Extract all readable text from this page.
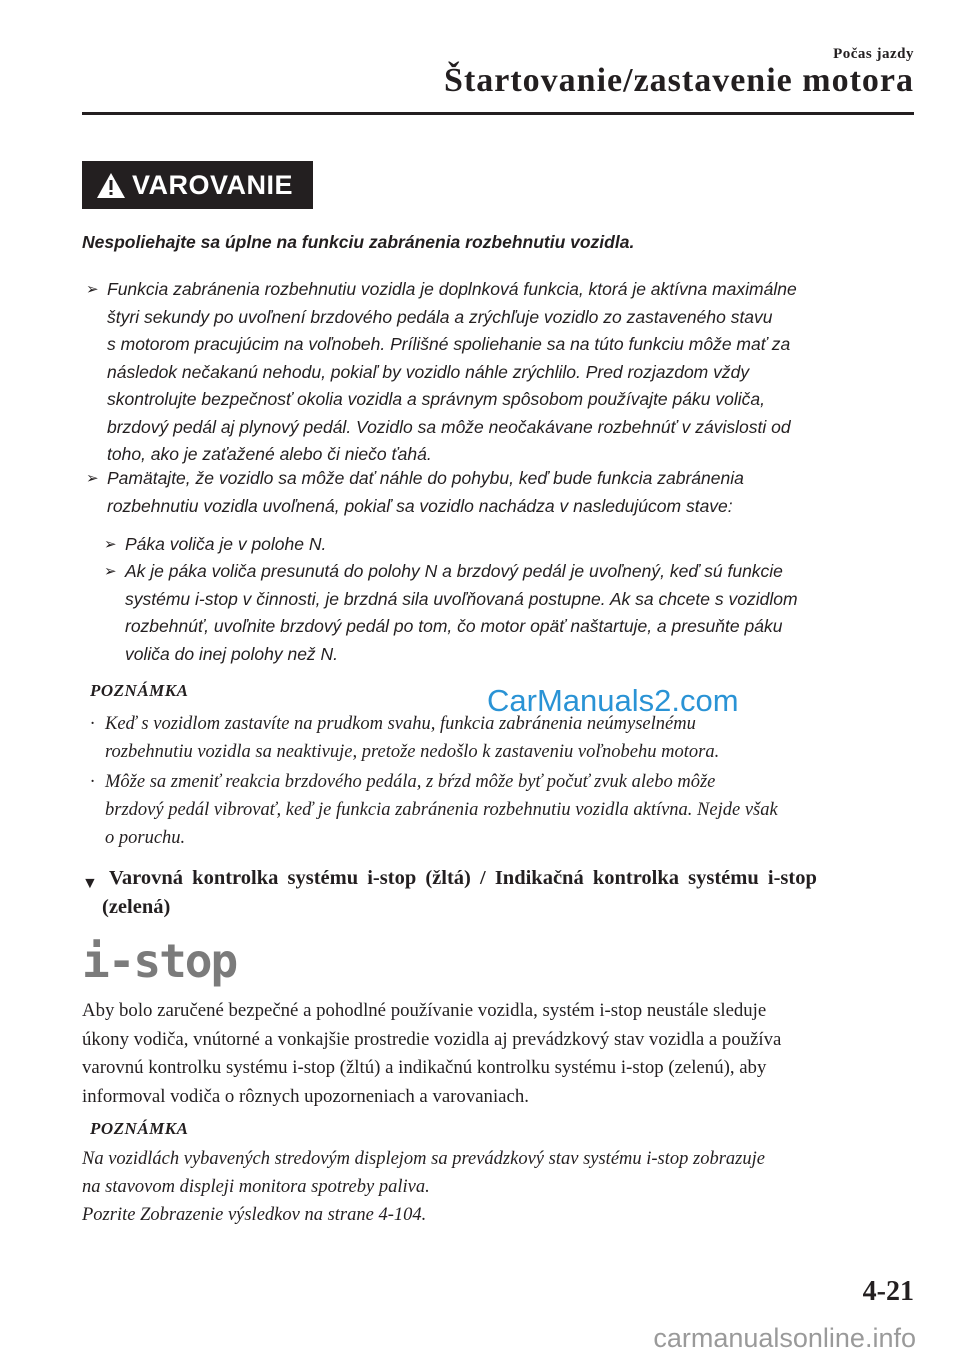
Počas jazdy
Štartovanie/zastavenie motora
VAROVANIE
Nespoliehajte sa úplne na funkciu zabránenia rozbehnutiu vozidla.
➢ Funkcia zabránenia rozbehnutiu vozidla je doplnková funkcia, ktorá je aktívna maximálne
štyri sekundy po uvoľnení brzdového pedála a zrýchľuje vozidlo zo zastaveného stavu
s motorom pracujúcim na voľnobeh. Prílišné spoliehanie sa na túto funkciu môže mať za
následok nečakanú nehodu, pokiaľ by vozidlo náhle zrýchlilo. Pred rozjazdom vždy
skontrolujte bezpečnosť okolia vozidla a správnym spôsobom používajte páku voliča,
brzdový pedál aj plynový pedál. Vozidlo sa môže neočakávane rozbehnúť v závislosti od
toho, ako je zaťažené alebo či niečo ťahá.
➢ Pamätajte, že vozidlo sa môže dať náhle do pohybu, keď bude funkcia zabránenia
rozbehnutiu vozidla uvoľnená, pokiaľ sa vozidlo nachádza v nasledujúcom stave:
➢ Páka voliča je v polohe N.
➢ Ak je páka voliča presunutá do polohy N a brzdový pedál je uvoľnený, keď sú funkcie
systému i-stop v činnosti, je brzdná sila uvoľňovaná postupne. Ak sa chcete s vozidlom
rozbehnúť, uvoľnite brzdový pedál po tom, čo motor opäť naštartuje, a presuňte páku
voliča do inej polohy než N.
POZNÁMKA
· Keď s vozidlom zastavíte na prudkom svahu, funkcia zabránenia neúmyselnému
rozbehnutiu vozidla sa neaktivuje, pretože nedošlo k zastaveniu voľnobehu motora.
· Môže sa zmeniť reakcia brzdového pedála, z bŕzd môže byť počuť zvuk alebo môže
brzdový pedál vibrovať, keď je funkcia zabránenia rozbehnutiu vozidla aktívna. Nejde však
o poruchu.
CarManuals2.com
▼ Varovná kontrolka systému i-stop (žltá) / Indikačná kontrolka systému i-stop
(zelená)
i-stop
Aby bolo zaručené bezpečné a pohodlné používanie vozidla, systém i-stop neustále sleduje
úkony vodiča, vnútorné a vonkajšie prostredie vozidla aj prevádzkový stav vozidla a používa
varovnú kontrolku systému i-stop (žltú) a indikačnú kontrolku systému i-stop (zelenú), aby
informoval vodiča o rôznych upozorneniach a varovaniach.
POZNÁMKA
Na vozidlách vybavených stredovým displejom sa prevádzkový stav systému i-stop zobrazuje
na stavovom displeji monitora spotreby paliva.
Pozrite Zobrazenie výsledkov na strane 4-104.
4-21
carmanualsonline.info
